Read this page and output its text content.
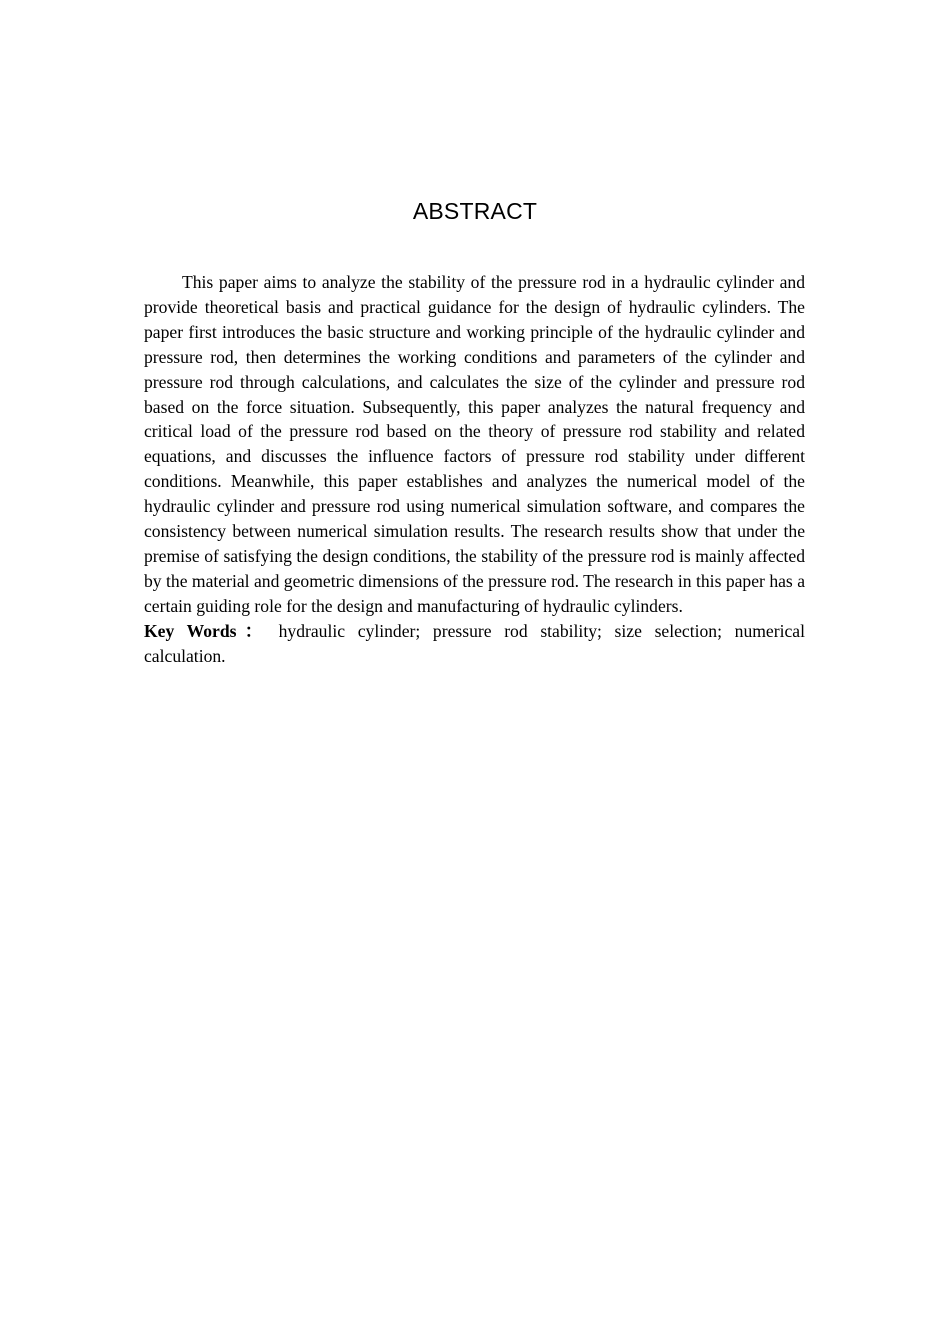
ABSTRACT

This paper aims to analyze the stability of the pressure rod in a hydraulic cylinder and provide theoretical basis and practical guidance for the design of hydraulic cylinders. The paper first introduces the basic structure and working principle of the hydraulic cylinder and pressure rod, then determines the working conditions and parameters of the cylinder and pressure rod through calculations, and calculates the size of the cylinder and pressure rod based on the force situation. Subsequently, this paper analyzes the natural frequency and critical load of the pressure rod based on the theory of pressure rod stability and related equations, and discusses the influence factors of pressure rod stability under different conditions. Meanwhile, this paper establishes and analyzes the numerical model of the hydraulic cylinder and pressure rod using numerical simulation software, and compares the consistency between numerical simulation results. The research results show that under the premise of satisfying the design conditions, the stability of the pressure rod is mainly affected by the material and geometric dimensions of the pressure rod. The research in this paper has a certain guiding role for the design and manufacturing of hydraulic cylinders.

Key Words： hydraulic cylinder; pressure rod stability; size selection; numerical calculation.
